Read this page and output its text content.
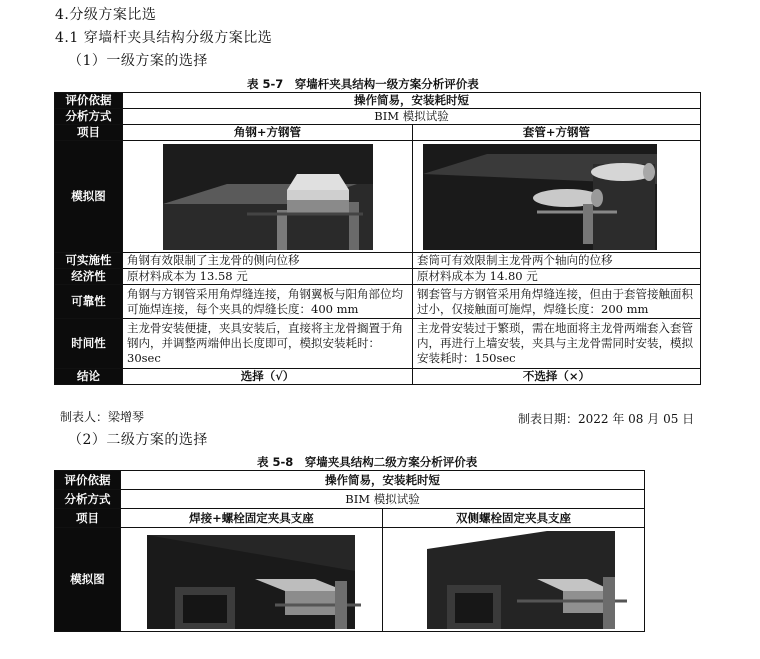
4.分级方案比选
4.1 穿墙杆夹具结构分级方案比选
（1）一级方案的选择
表 5-7　穿墙杆夹具结构一级方案分析评价表
评价依据	操作简易，安装耗时短	
分析方式	BIM 模拟试验	
项目	角钢+方钢管	套管+方钢管
模拟图	

可实施性	角钢有效限制了主龙骨的侧向位移	套筒可有效限制主龙骨两个轴向的位移
经济性	原材料成本为 13.58 元	原材料成本为 14.80 元
可靠性	角钢与方钢管采用角焊缝连接，角钢翼板与阳角部位均可施焊连接，每个夹具的焊缝长度：400 mm	钢套管与方钢管采用角焊缝连接，但由于套管接触面积过小，仅接触面可施焊，焊缝长度：200 mm
时间性	主龙骨安装便捷，夹具安装后，直接将主龙骨搁置于角钢内，并调整两端伸出长度即可，模拟安装耗时：30sec	主龙骨安装过于繁琐，需在地面将主龙骨两端套入套管内，再进行上墙安装，夹具与主龙骨需同时安装，模拟安装耗时：150sec
结论	选择（√）	不选择（×）
制表人：梁增琴	制表日期：2022 年 08 月 05 日
（2）二级方案的选择
表 5-8　穿墙夹具结构二级方案分析评价表
评价依据	操作简易，安装耗时短	
分析方式	BIM 模拟试验	
项目	焊接+螺栓固定夹具支座	双侧螺栓固定夹具支座
模拟图	
